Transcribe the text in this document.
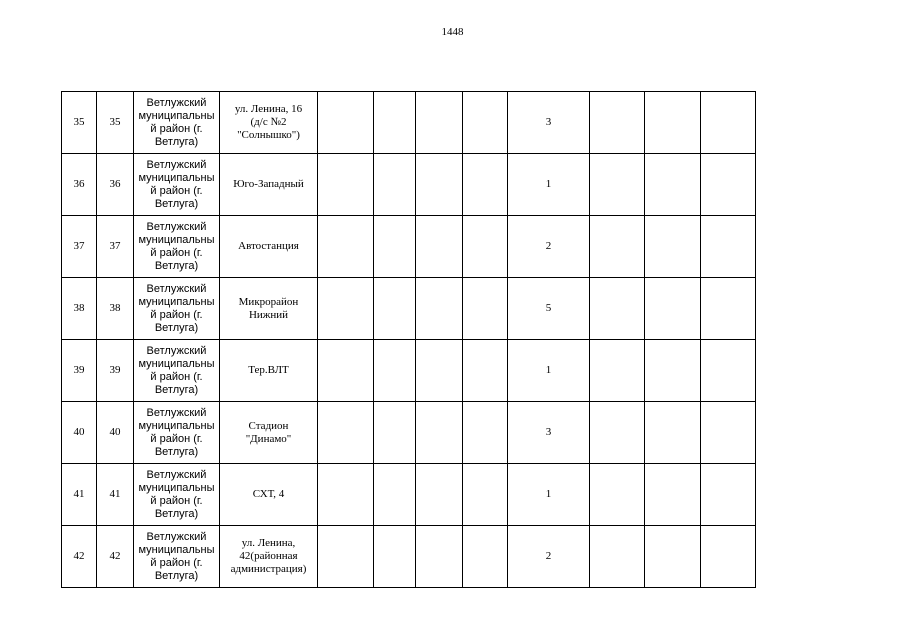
1448
35	35	Ветлужский
муниципальны
й район (г.
Ветлуга)	ул. Ленина, 16
(д/с №2
"Солнышко")					3			
36	36	Ветлужский
муниципальны
й район (г.
Ветлуга)	Юго-Западный					1			
37	37	Ветлужский
муниципальны
й район (г.
Ветлуга)	Автостанция					2			
38	38	Ветлужский
муниципальны
й район (г.
Ветлуга)	Микрорайон
Нижний					5			
39	39	Ветлужский
муниципальны
й район (г.
Ветлуга)	Тер.ВЛТ					1			
40	40	Ветлужский
муниципальны
й район (г.
Ветлуга)	Стадион
"Динамо"					3			
41	41	Ветлужский
муниципальны
й район (г.
Ветлуга)	СХТ, 4					1			
42	42	Ветлужский
муниципальны
й район (г.
Ветлуга)	ул. Ленина,
42(районная
администрация)					2			
